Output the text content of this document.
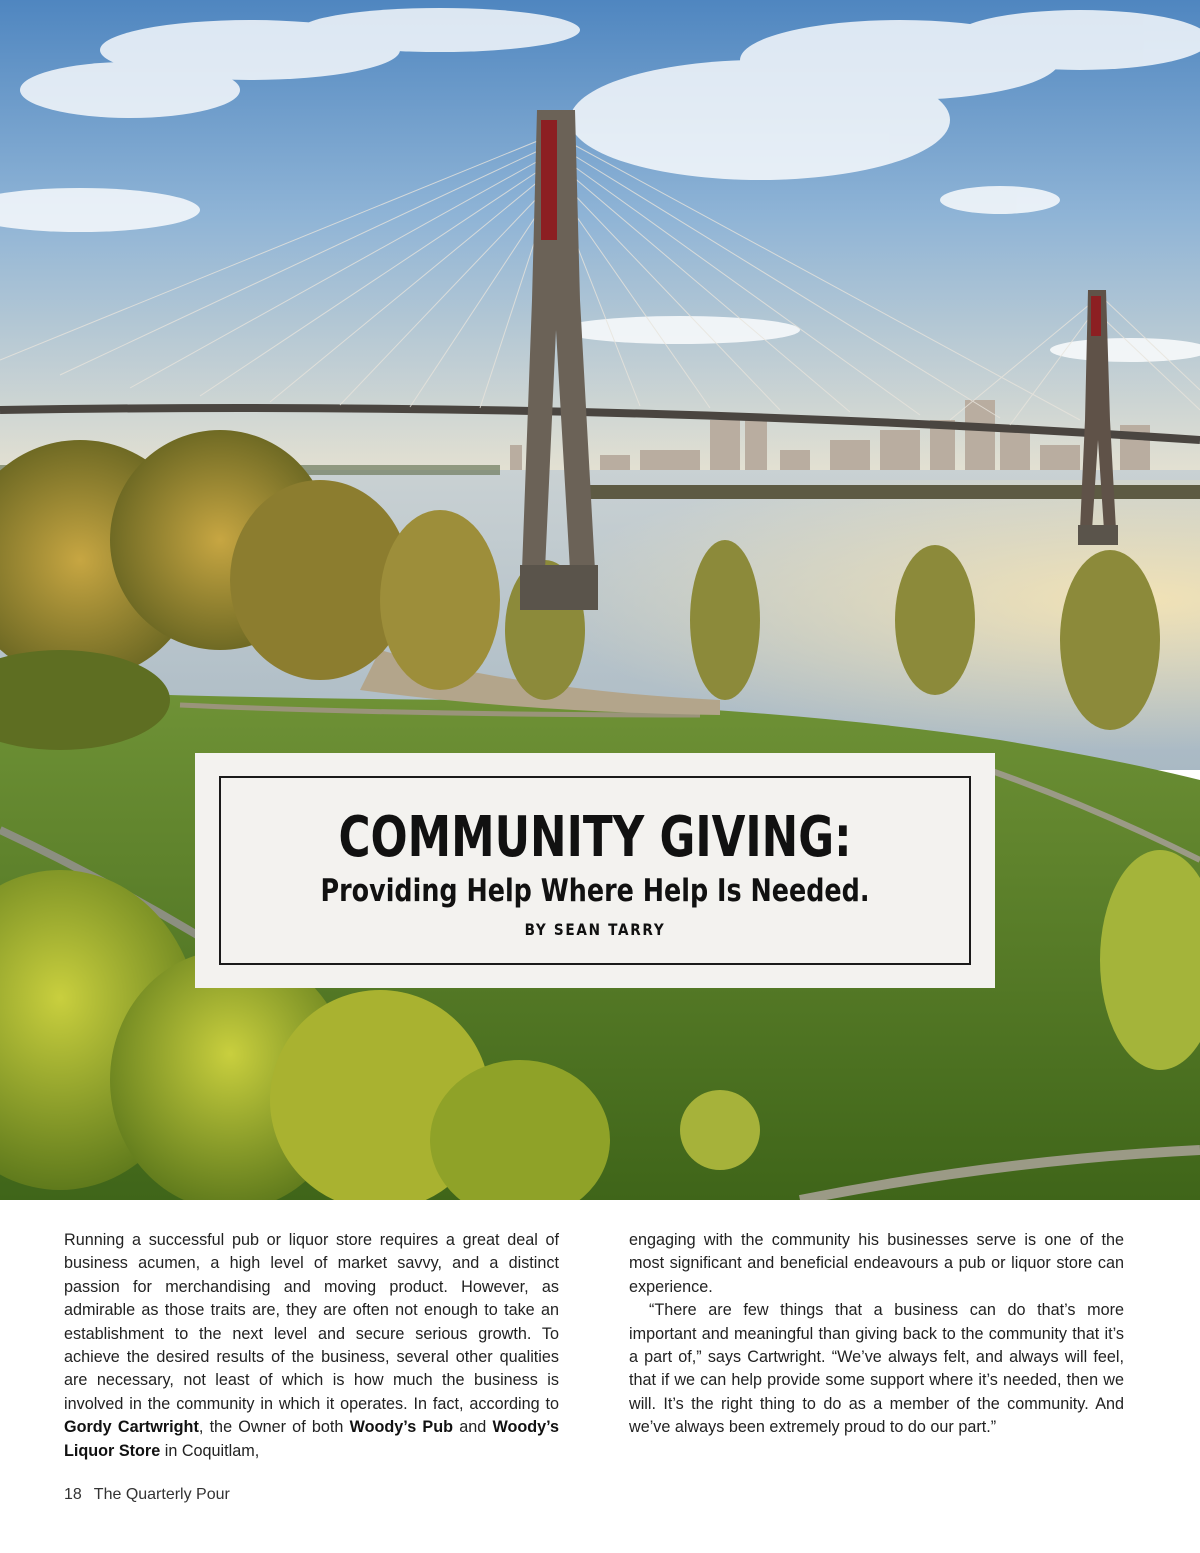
COMMUNITY GIVING:
Providing Help Where Help Is Needed.
BY SEAN TARRY

Running a successful pub or liquor store requires a great deal of business acumen, a high level of market savvy, and a distinct passion for merchandising and moving product. However, as admirable as those traits are, they are often not enough to take an establishment to the next level and secure serious growth. To achieve the desired results of the business, several other qualities are necessary, not least of which is how much the business is involved in the community in which it operates. In fact, according to Gordy Cartwright, the Owner of both Woody’s Pub and Woody’s Liquor Store in Coquitlam,

engaging with the community his businesses serve is one of the most significant and beneficial endeavours a pub or liquor store can experience.

“There are few things that a business can do that’s more important and meaningful than giving back to the community that it’s a part of,” says Cartwright. “We’ve always felt, and always will feel, that if we can help provide some support where it’s needed, then we will. It’s the right thing to do as a member of the community. And we’ve always been extremely proud to do our part.”

18 The Quarterly Pour
